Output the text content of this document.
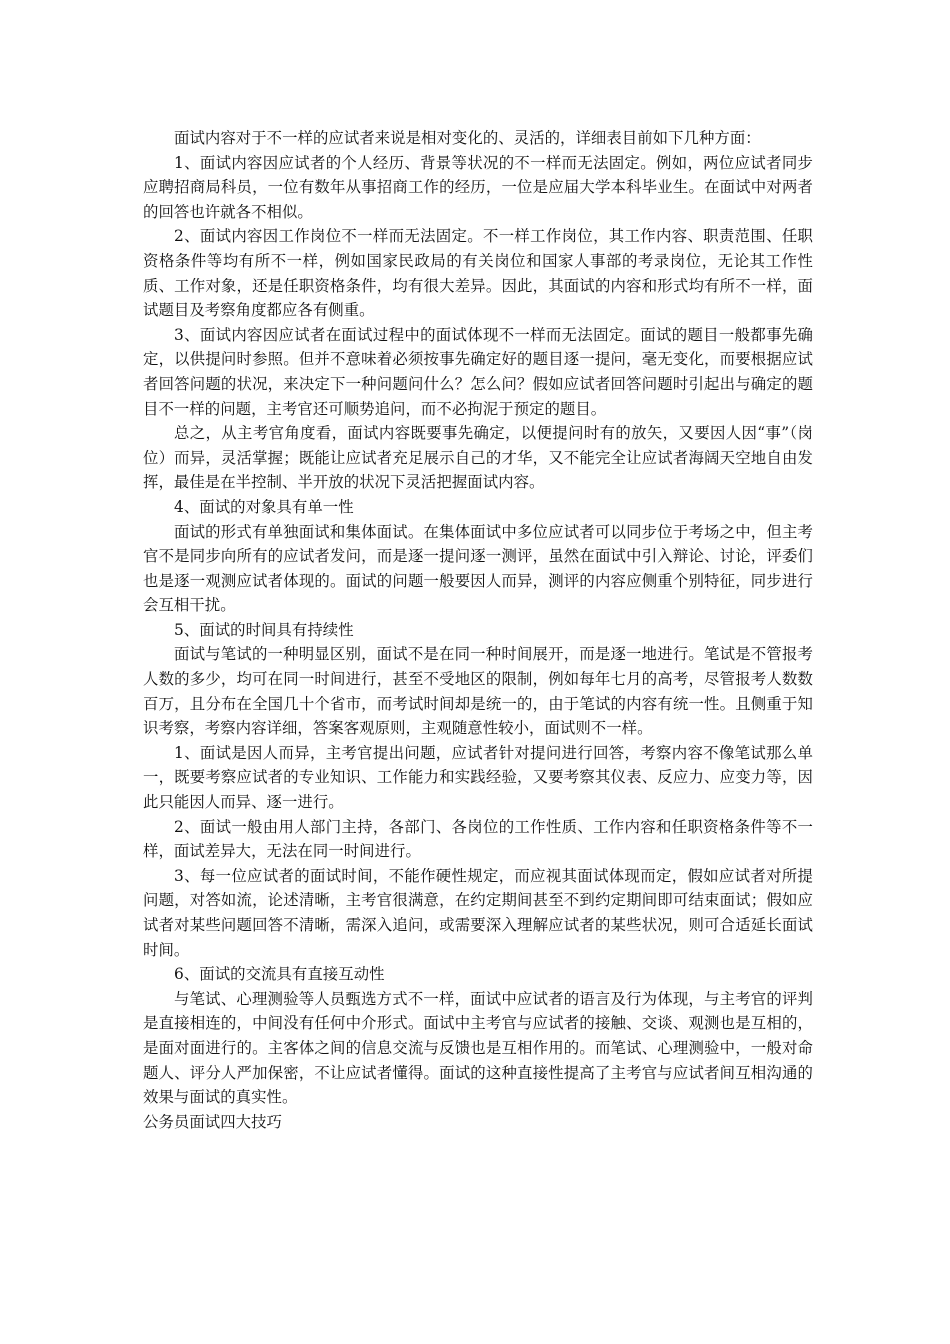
面试内容对于不一样的应试者来说是相对变化的、灵活的，详细表目前如下几种方面：

1、面试内容因应试者的个人经历、背景等状况的不一样而无法固定。例如，两位应试者同步应聘招商局科员，一位有数年从事招商工作的经历，一位是应届大学本科毕业生。在面试中对两者的回答也许就各不相似。

2、面试内容因工作岗位不一样而无法固定。不一样工作岗位，其工作内容、职责范围、任职资格条件等均有所不一样，例如国家民政局的有关岗位和国家人事部的考录岗位，无论其工作性质、工作对象，还是任职资格条件，均有很大差异。因此，其面试的内容和形式均有所不一样，面试题目及考察角度都应各有侧重。

3、面试内容因应试者在面试过程中的面试体现不一样而无法固定。面试的题目一般都事先确定，以供提问时参照。但并不意味着必须按事先确定好的题目逐一提问，毫无变化，而要根据应试者回答问题的状况，来决定下一种问题问什么？怎么问？假如应试者回答问题时引起出与确定的题目不一样的问题，主考官还可顺势追问，而不必拘泥于预定的题目。

总之，从主考官角度看，面试内容既要事先确定，以便提问时有的放矢，又要因人因“事”（岗位）而异，灵活掌握；既能让应试者充足展示自己的才华，又不能完全让应试者海阔天空地自由发挥，最佳是在半控制、半开放的状况下灵活把握面试内容。

4、面试的对象具有单一性

面试的形式有单独面试和集体面试。在集体面试中多位应试者可以同步位于考场之中，但主考官不是同步向所有的应试者发问，而是逐一提问逐一测评，虽然在面试中引入辩论、讨论，评委们也是逐一观测应试者体现的。面试的问题一般要因人而异，测评的内容应侧重个别特征，同步进行会互相干扰。

5、面试的时间具有持续性

面试与笔试的一种明显区别，面试不是在同一种时间展开，而是逐一地进行。笔试是不管报考人数的多少，均可在同一时间进行，甚至不受地区的限制，例如每年七月的高考，尽管报考人数数百万，且分布在全国几十个省市，而考试时间却是统一的，由于笔试的内容有统一性。且侧重于知识考察，考察内容详细，答案客观原则，主观随意性较小，面试则不一样。

1、面试是因人而异，主考官提出问题，应试者针对提问进行回答，考察内容不像笔试那么单一，既要考察应试者的专业知识、工作能力和实践经验，又要考察其仪表、反应力、应变力等，因此只能因人而异、逐一进行。

2、面试一般由用人部门主持，各部门、各岗位的工作性质、工作内容和任职资格条件等不一样，面试差异大，无法在同一时间进行。

3、每一位应试者的面试时间，不能作硬性规定，而应视其面试体现而定，假如应试者对所提问题，对答如流，论述清晰，主考官很满意，在约定期间甚至不到约定期间即可结束面试；假如应试者对某些问题回答不清晰，需深入追问，或需要深入理解应试者的某些状况，则可合适延长面试时间。

6、面试的交流具有直接互动性

与笔试、心理测验等人员甄选方式不一样，面试中应试者的语言及行为体现，与主考官的评判是直接相连的，中间没有任何中介形式。面试中主考官与应试者的接触、交谈、观测也是互相的，是面对面进行的。主客体之间的信息交流与反馈也是互相作用的。而笔试、心理测验中，一般对命题人、评分人严加保密，不让应试者懂得。面试的这种直接性提高了主考官与应试者间互相沟通的效果与面试的真实性。

公务员面试四大技巧
